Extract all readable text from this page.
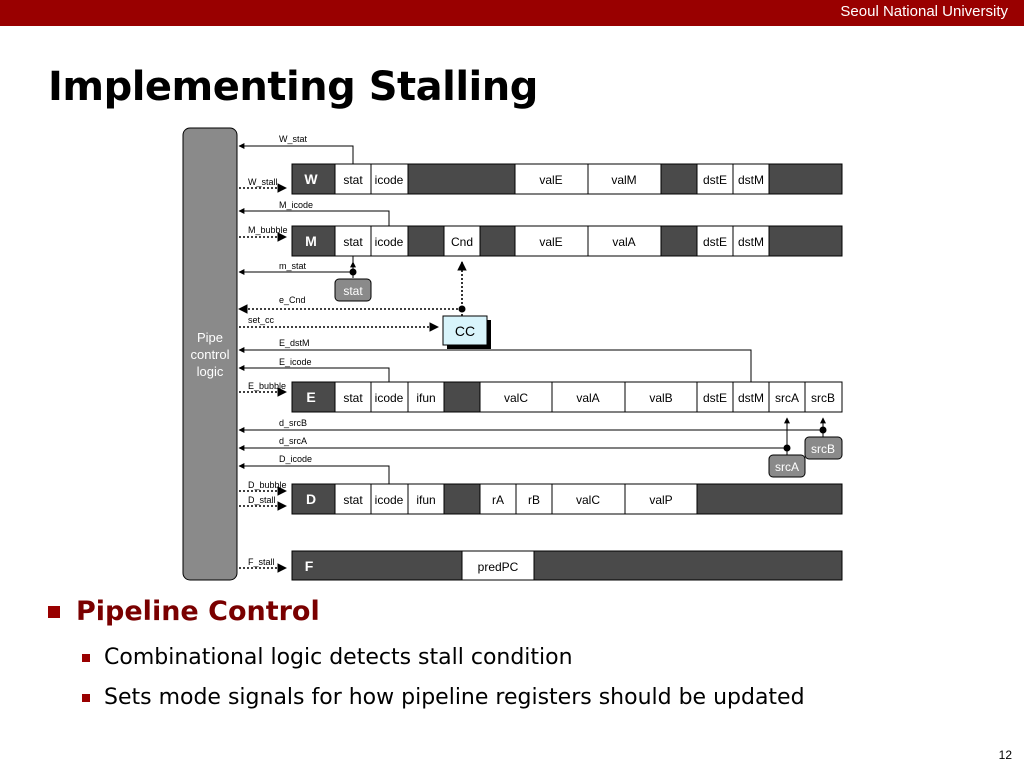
Seoul National University
Implementing Stalling
Pipe
control
logic
W stat icode	valE	valM	dstE dstM
M stat icode	Cnd	valE	valA	dstE dstM
E stat icode ifun	valC	valA	valB	dstE dstM srcA srcB
D stat icode ifun	rA rB	valC	valP
F	predPC
stat
CC
srcB
srcA
W_stat
W_stall
M_icode
M_bubble
m_stat
e_Cnd
set_cc
E_dstM
E_icode
E_bubble
d_srcB
d_srcA
D_icode
D_bubble
D_stall
F_stall
Pipeline Control
Combinational logic detects stall condition
Sets mode signals for how pipeline registers should be updated
12
